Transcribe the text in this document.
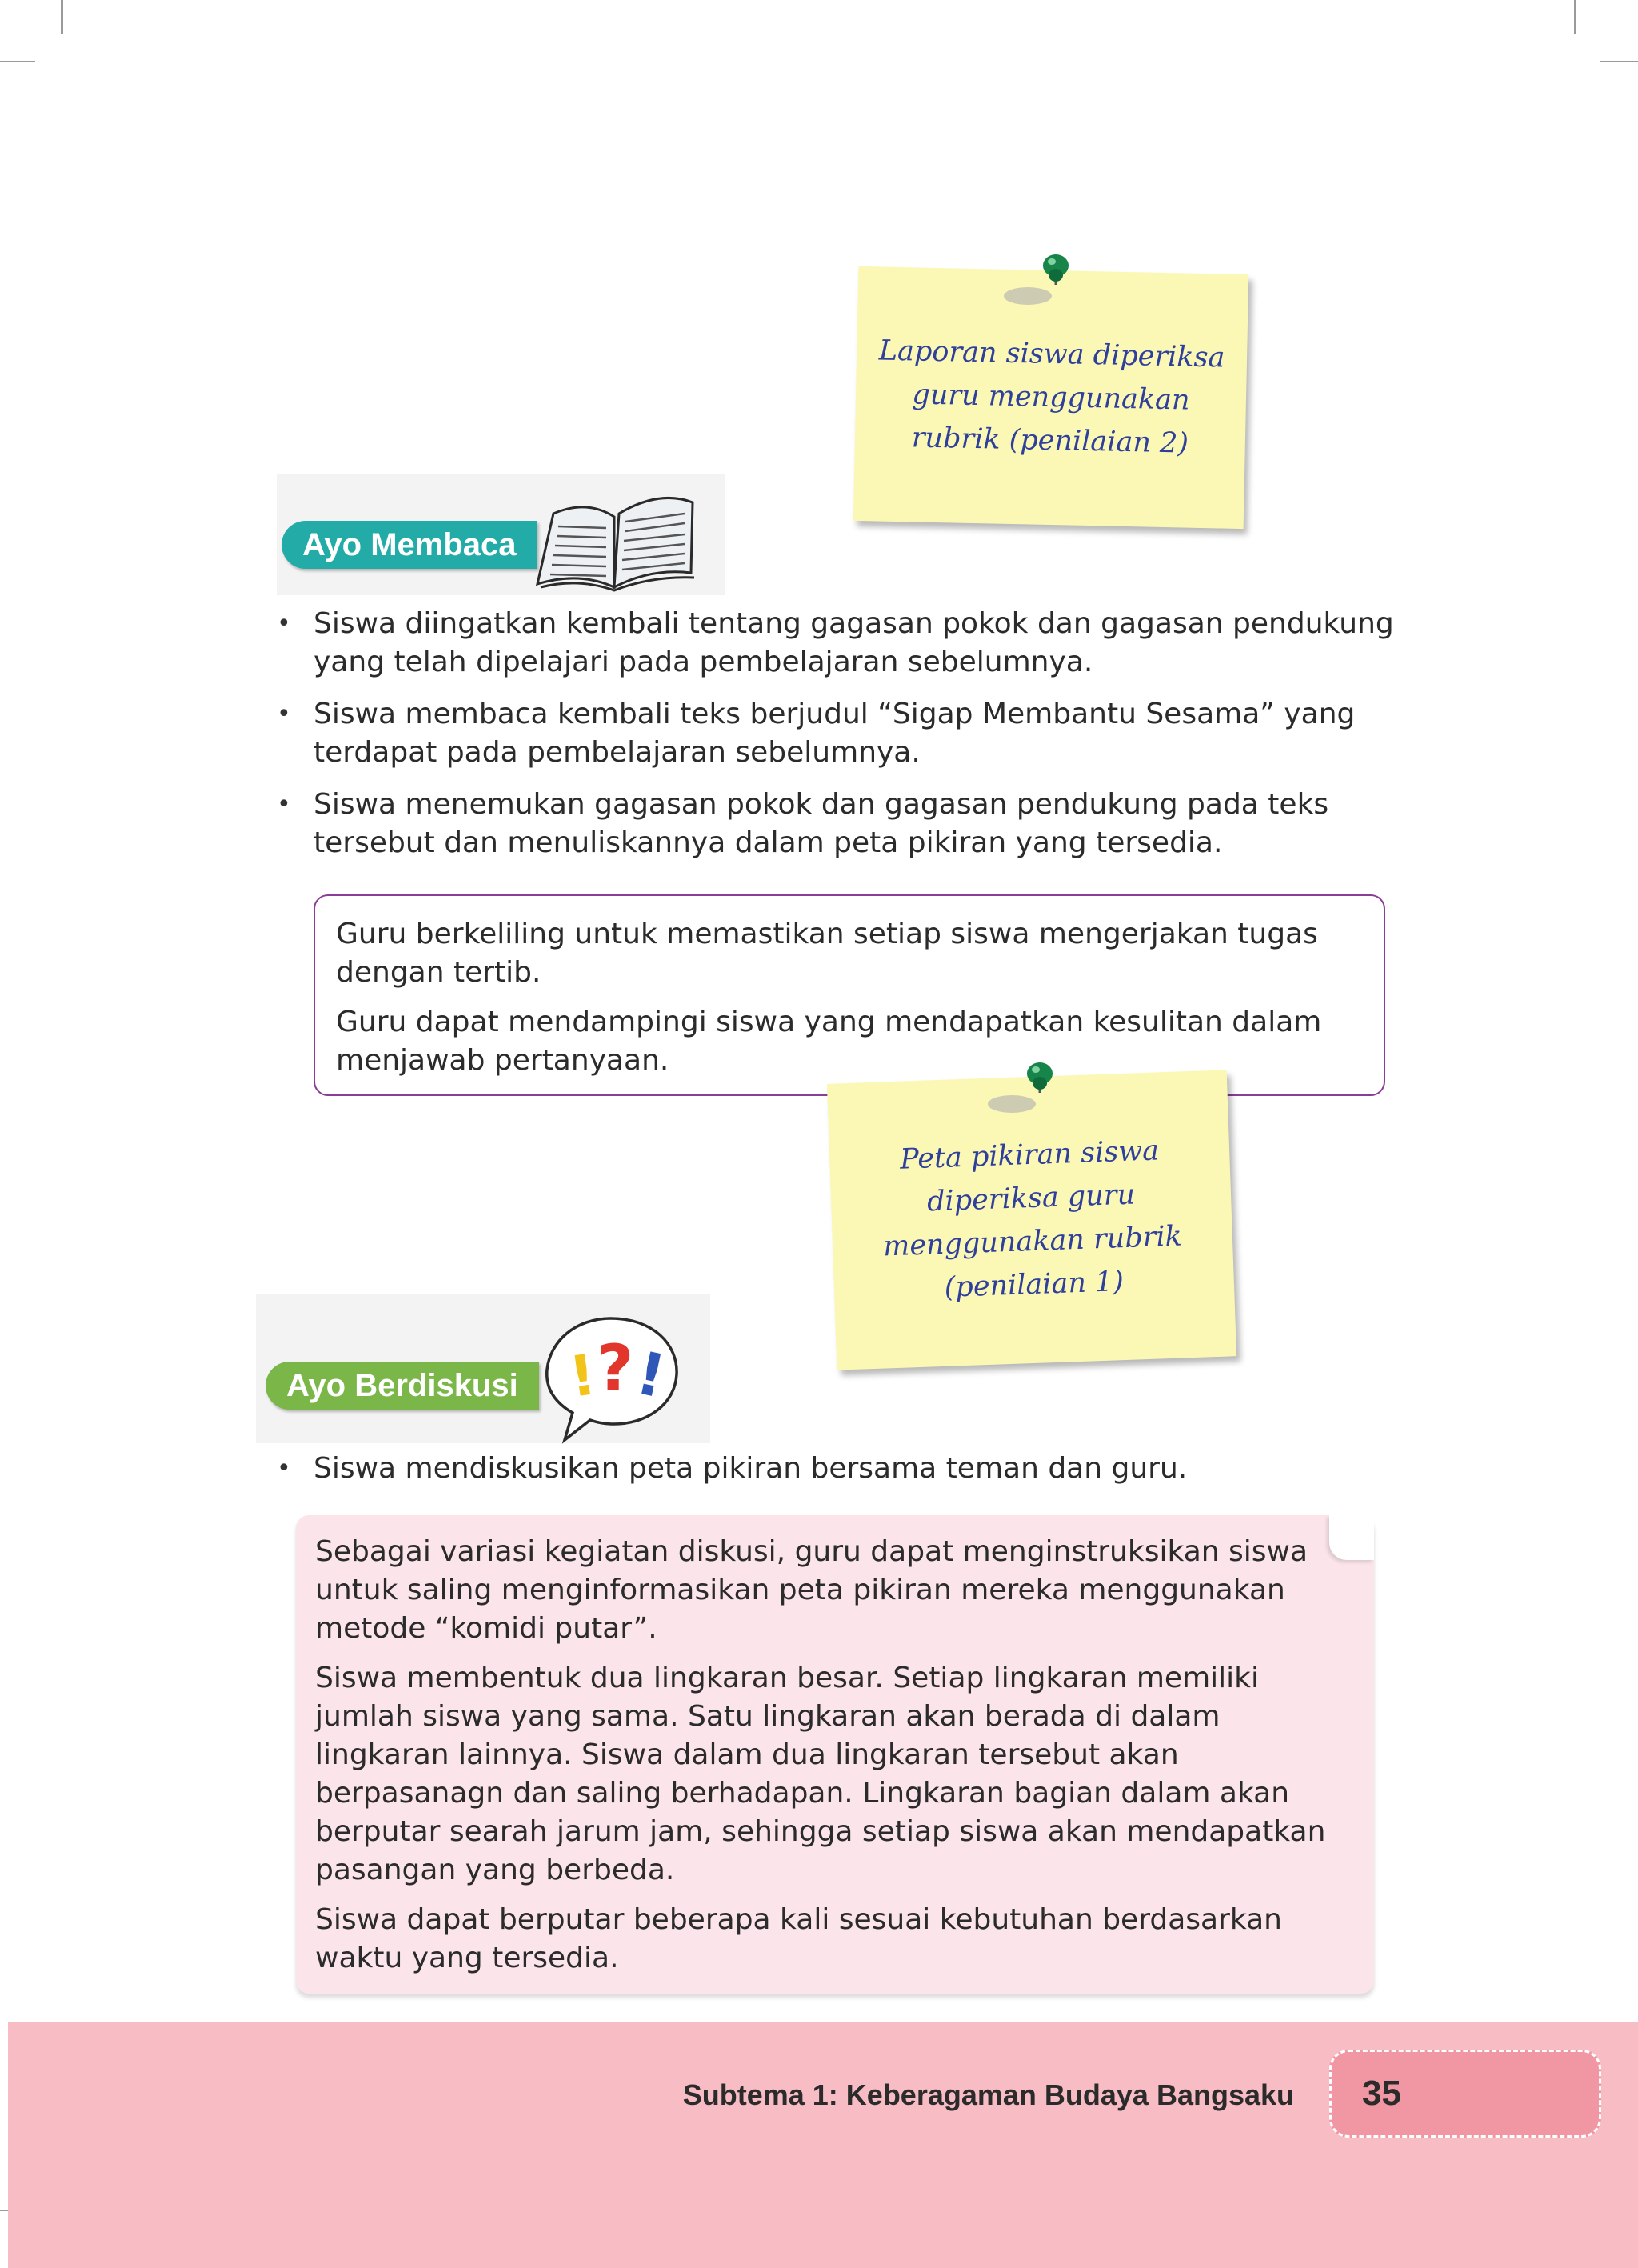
Laporan siswa diperiksa
guru menggunakan
rubrik (penilaian 2)
Ayo Membaca
• Siswa diingatkan kembali tentang gagasan pokok dan gagasan pendukung yang telah dipelajari pada pembelajaran sebelumnya.
• Siswa membaca kembali teks berjudul “Sigap Membantu Sesama” yang terdapat pada pembelajaran sebelumnya.
• Siswa menemukan gagasan pokok dan gagasan pendukung pada teks tersebut dan menuliskannya dalam peta pikiran yang tersedia.

Guru berkeliling untuk memastikan setiap siswa mengerjakan tugas dengan tertib.

Guru dapat mendampingi siswa yang mendapatkan kesulitan dalam menjawab pertanyaan.

Peta pikiran siswa
diperiksa guru
menggunakan rubrik
(penilaian 1)
Ayo Berdiskusi !
?
!
• Siswa mendiskusikan peta pikiran bersama teman dan guru.

Sebagai variasi kegiatan diskusi, guru dapat menginstruksikan siswa untuk saling menginformasikan peta pikiran mereka menggunakan metode “komidi putar”.

Siswa membentuk dua lingkaran besar. Setiap lingkaran memiliki jumlah siswa yang sama. Satu lingkaran akan berada di dalam lingkaran lainnya. Siswa dalam dua lingkaran tersebut akan berpasanagn dan saling berhadapan. Lingkaran bagian dalam akan berputar searah jarum jam, sehingga setiap siswa akan mendapatkan pasangan yang berbeda.

Siswa dapat berputar beberapa kali sesuai kebutuhan berdasarkan waktu yang tersedia.

Subtema 1: Keberagaman Budaya Bangsaku	35
